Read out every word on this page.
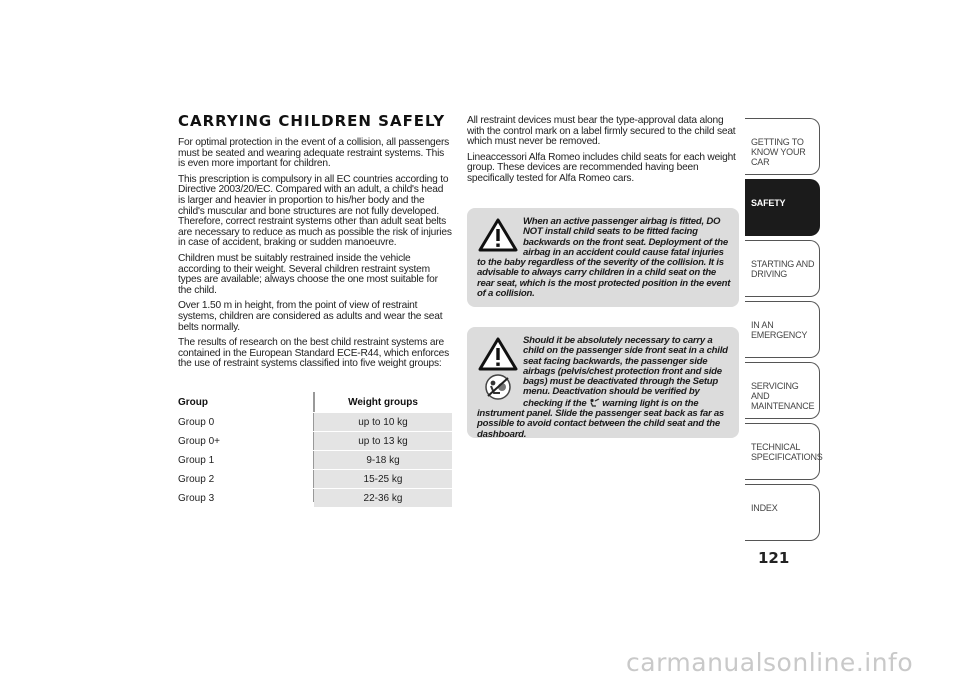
CARRYING CHILDREN SAFELY

For optimal protection in the event of a collision, all passengers must be seated and wearing adequate restraint systems. This is even more important for children.

This prescription is compulsory in all EC countries according to Directive 2003/20/EC. Compared with an adult, a child's head is larger and heavier in proportion to his/her body and the child's muscular and bone structures are not fully developed. Therefore, correct restraint systems other than adult seat belts are necessary to reduce as much as possible the risk of injuries in case of accident, braking or sudden manoeuvre.

Children must be suitably restrained inside the vehicle according to their weight. Several children restraint system types are available; always choose the one most suitable for the child.

Over 1.50 m in height, from the point of view of restraint systems, children are considered as adults and wear the seat belts normally.

The results of research on the best child restraint systems are contained in the European Standard ECE-R44, which enforces the use of restraint systems classified into five weight groups:

Group	Weight groups
Group 0	up to 10 kg
Group 0+	up to 13 kg
Group 1	9-18 kg
Group 2	15-25 kg
Group 3	22-36 kg

All restraint devices must bear the type-approval data along with the control mark on a label firmly secured to the child seat which must never be removed.

Lineaccessori Alfa Romeo includes child seats for each weight group. These devices are recommended having been specifically tested for Alfa Romeo cars.

When an active passenger airbag is fitted, DO NOT install child seats to be fitted facing backwards on the front seat. Deployment of the airbag in an accident could cause fatal injuries to the baby regardless of the severity of the collision. It is advisable to always carry children in a child seat on the rear seat, which is the most protected position in the event of a collision.

Should it be absolutely necessary to carry a child on the passenger side front seat in a child seat facing backwards, the passenger side airbags (pelvis/chest protection front and side bags) must be deactivated through the Setup menu. Deactivation should be verified by checking if the warning light is on the instrument panel. Slide the passenger seat back as far as possible to avoid contact between the child seat and the dashboard.

GETTING TO KNOW YOUR CAR
SAFETY
STARTING AND DRIVING
IN AN EMERGENCY
SERVICING AND MAINTENANCE
TECHNICAL SPECIFICATIONS
INDEX
121
carmanualsonline.info
